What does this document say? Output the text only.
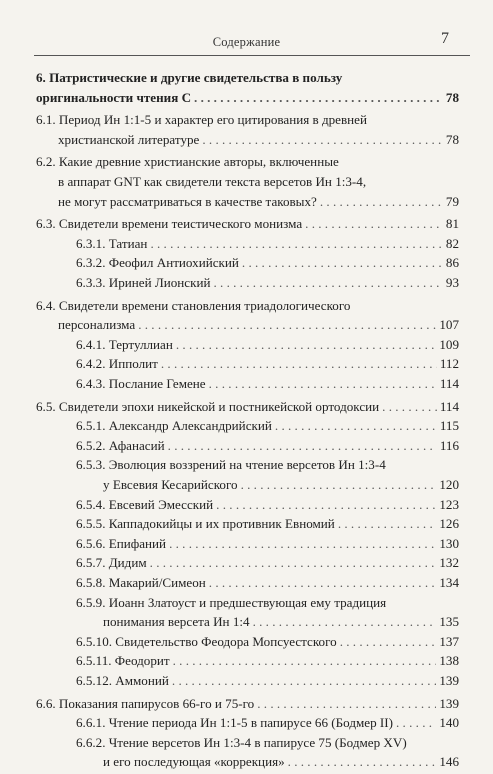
Содержание	7
6. Патристические и другие свидетельства в пользу
оригинальности чтения С . . .	78
6.1. Период Ин 1:1-5 и характер его цитирования в древней
христианской литературе . . .	78
6.2. Какие древние христианские авторы, включенные
в аппарат GNT как свидетели текста версетов Ин 1:3-4,
не могут рассматриваться в качестве таковых? . . .	79
6.3. Свидетели времени теистического монизма . . .	81
6.3.1. Татиан . . .	82
6.3.2. Феофил Антиохийский . . .	86
6.3.3. Ириней Лионский . . .	93
6.4. Свидетели времени становления триадологического
персонализма . . .	107
6.4.1. Тертуллиан . . .	109
6.4.2. Ипполит . . .	112
6.4.3. Послание Гемене . . .	114
6.5. Свидетели эпохи никейской и постникейской ортодоксии . . .	114
6.5.1. Александр Александрийский . . .	115
6.5.2. Афанасий . . .	116
6.5.3. Эволюция воззрений на чтение версетов Ин 1:3-4
у Евсевия Кесарийского . . .	120
6.5.4. Евсевий Эмесский . . .	123
6.5.5. Каппадокийцы и их противник Евномий . . .	126
6.5.6. Епифаний . . .	130
6.5.7. Дидим . . .	132
6.5.8. Макарий/Симеон . . .	134
6.5.9. Иоанн Златоуст и предшествующая ему традиция
понимания версета Ин 1:4 . . .	135
6.5.10. Свидетельство Феодора Мопсуестского . . .	137
6.5.11. Феодорит . . .	138
6.5.12. Аммоний . . .	139
6.6. Показания папирусов 66-го и 75-го . . .	139
6.6.1. Чтение периода Ин 1:1-5 в папирусе 66 (Бодмер II) . . .	140
6.6.2. Чтение версетов Ин 1:3-4 в папирусе 75 (Бодмер XV)
и его последующая «коррекция» . . .	146
